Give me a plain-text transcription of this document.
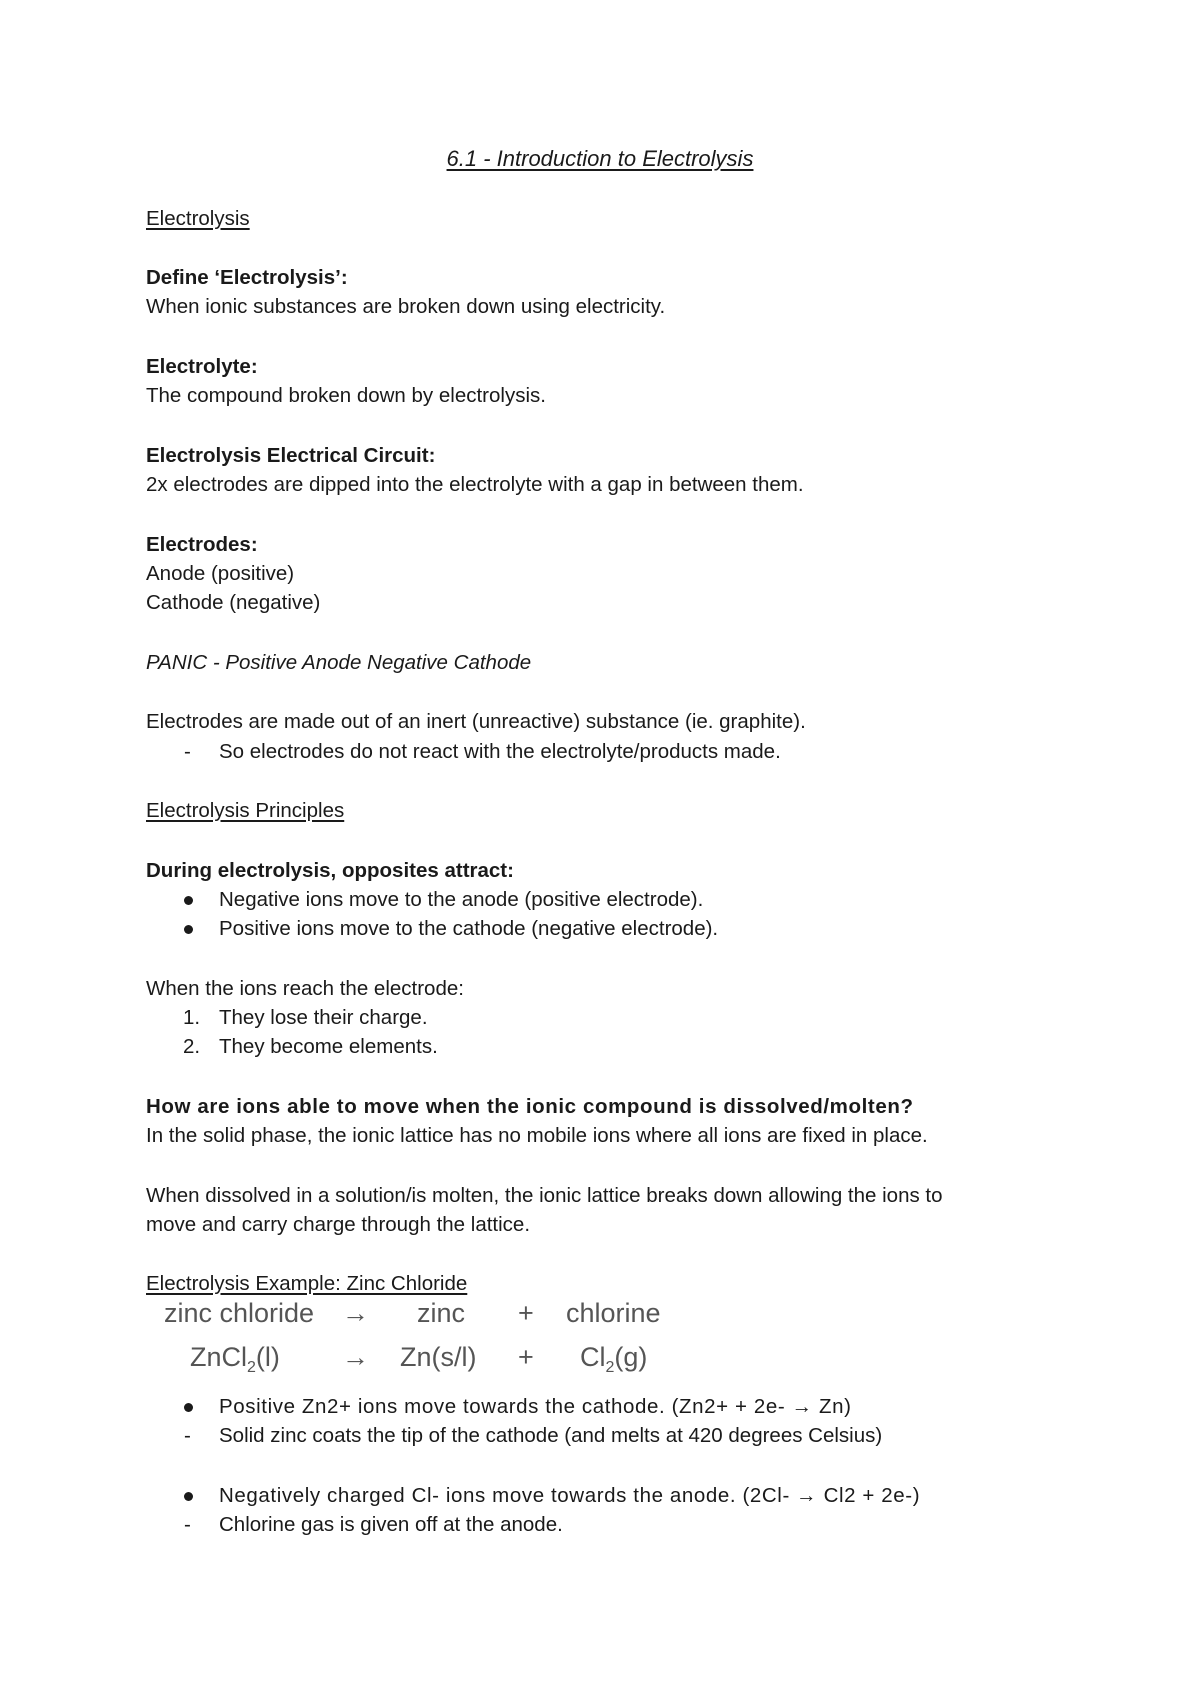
6.1 - Introduction to Electrolysis
Electrolysis
Define ‘Electrolysis’:
When ionic substances are broken down using electricity.
Electrolyte:
The compound broken down by electrolysis.
Electrolysis Electrical Circuit:
2x electrodes are dipped into the electrolyte with a gap in between them.
Electrodes:
Anode (positive)
Cathode (negative)
PANIC - Positive Anode Negative Cathode
Electrodes are made out of an inert (unreactive) substance (ie. graphite).
- So electrodes do not react with the electrolyte/products made.
Electrolysis Principles
During electrolysis, opposites attract:
Negative ions move to the anode (positive electrode).
Positive ions move to the cathode (negative electrode).
When the ions reach the electrode:
1. They lose their charge.
2. They become elements.
How are ions able to move when the ionic compound is dissolved/molten?
In the solid phase, the ionic lattice has no mobile ions where all ions are fixed in place.
When dissolved in a solution/is molten, the ionic lattice breaks down allowing the ions to
move and carry charge through the lattice.
Electrolysis Example: Zinc Chloride
zinc chloride → zinc + chlorine
ZnCl$_2$(l) → $Zn(s/l) + Cl_2(g)$
Positive Zn2+ ions move towards the cathode. (Zn2+ + 2e- → Zn)
- Solid zinc coats the tip of the cathode (and melts at 420 degrees Celsius)
Negatively charged Cl- ions move towards the anode. (2Cl- → Cl2 + 2e-)
- Chlorine gas is given off at the anode.
